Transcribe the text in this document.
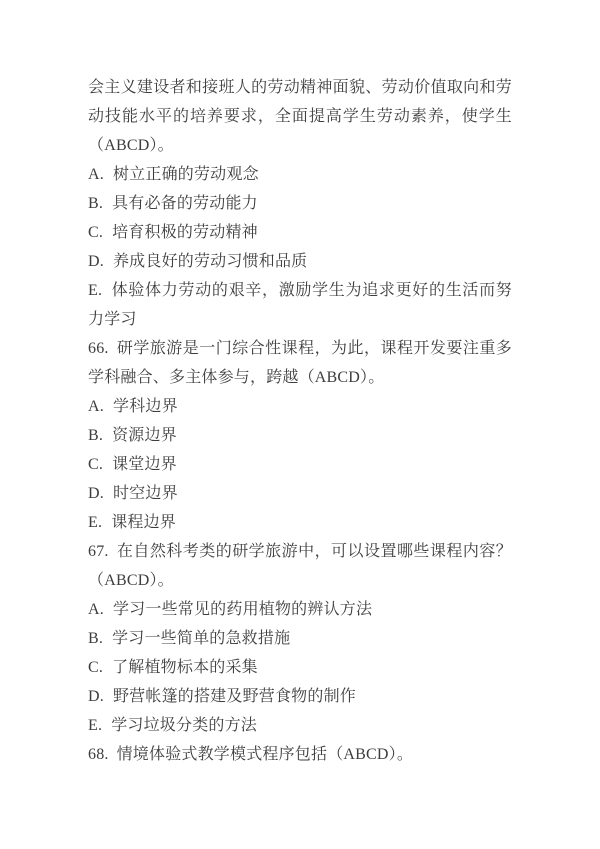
会主义建设者和接班人的劳动精神面貌、劳动价值取向和劳动技能水平的培养要求，全面提高学生劳动素养，使学生（ABCD）。

A. 树立正确的劳动观念

B. 具有必备的劳动能力

C. 培育积极的劳动精神

D. 养成良好的劳动习惯和品质

E. 体验体力劳动的艰辛，激励学生为追求更好的生活而努力学习

66. 研学旅游是一门综合性课程，为此，课程开发要注重多学科融合、多主体参与，跨越（ABCD）。

A. 学科边界

B. 资源边界

C. 课堂边界

D. 时空边界

E. 课程边界

67. 在自然科考类的研学旅游中，可以设置哪些课程内容？（ABCD）。

A. 学习一些常见的药用植物的辨认方法

B. 学习一些简单的急救措施

C. 了解植物标本的采集

D. 野营帐篷的搭建及野营食物的制作

E. 学习垃圾分类的方法

68. 情境体验式教学模式程序包括（ABCD）。
